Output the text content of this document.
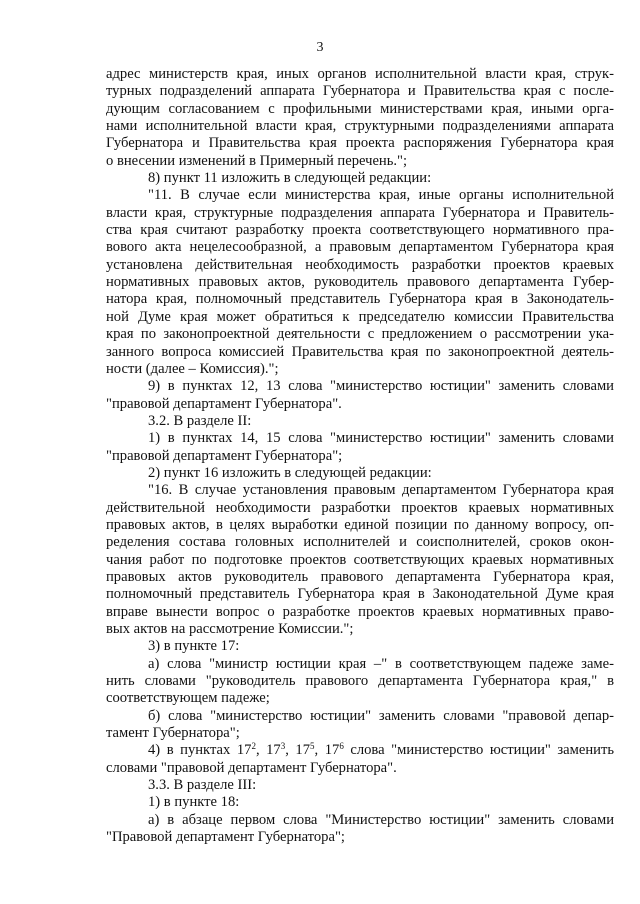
3
адрес министерств края, иных органов исполнительной власти края, струк-
турных подразделений аппарата Губернатора и Правительства края с после-
дующим согласованием с профильными министерствами края, иными орга-
нами исполнительной власти края, структурными подразделениями аппарата
Губернатора и Правительства края проекта распоряжения Губернатора края
о внесении изменений в Примерный перечень.";
8) пункт 11 изложить в следующей редакции:
"11. В случае если министерства края, иные органы исполнительной
власти края, структурные подразделения аппарата Губернатора и Правитель-
ства края считают разработку проекта соответствующего нормативного пра-
вового акта нецелесообразной, а правовым департаментом Губернатора края
установлена действительная необходимость разработки проектов краевых
нормативных правовых актов, руководитель правового департамента Губер-
натора края, полномочный представитель Губернатора края в Законодатель-
ной Думе края может обратиться к председателю комиссии Правительства
края по законопроектной деятельности с предложением о рассмотрении ука-
занного вопроса комиссией Правительства края по законопроектной деятель-
ности (далее – Комиссия).";
9) в пунктах 12, 13 слова "министерство юстиции" заменить словами
"правовой департамент Губернатора".
3.2. В разделе II:
1) в пунктах 14, 15 слова "министерство юстиции" заменить словами
"правовой департамент Губернатора";
2) пункт 16 изложить в следующей редакции:
"16. В случае установления правовым департаментом Губернатора края
действительной необходимости разработки проектов краевых нормативных
правовых актов, в целях выработки единой позиции по данному вопросу, оп-
ределения состава головных исполнителей и соисполнителей, сроков окон-
чания работ по подготовке проектов соответствующих краевых нормативных
правовых актов руководитель правового департамента Губернатора края,
полномочный представитель Губернатора края в Законодательной Думе края
вправе вынести вопрос о разработке проектов краевых нормативных право-
вых актов на рассмотрение Комиссии.";
3) в пункте 17:
а) слова "министр юстиции края –" в соответствующем падеже заме-
нить словами "руководитель правового департамента Губернатора края," в
соответствующем падеже;
б) слова "министерство юстиции" заменить словами "правовой депар-
тамент Губернатора";
4) в пунктах $17^2$, $17^3$, $17^5$, $17^6$ слова "министерство юстиции" заменить
словами "правовой департамент Губернатора".
3.3. В разделе III:
1) в пункте 18:
а) в абзаце первом слова "Министерство юстиции" заменить словами
"Правовой департамент Губернатора";
